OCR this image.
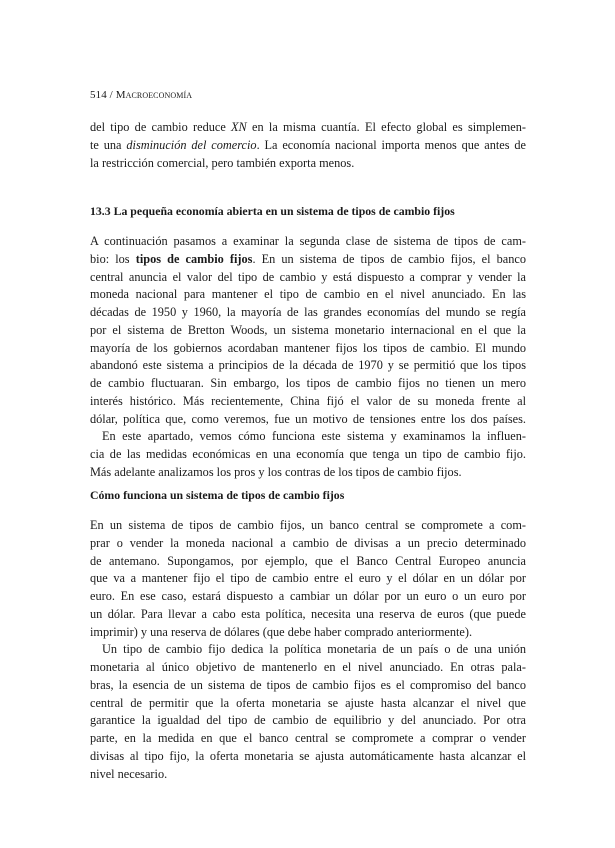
514 / Macroeconomía
del tipo de cambio reduce XN en la misma cuantía. El efecto global es simplemen-
te una disminución del comercio. La economía nacional importa menos que antes de
la restricción comercial, pero también exporta menos.
13.3 La pequeña economía abierta en un sistema de tipos de cambio fijos
A continuación pasamos a examinar la segunda clase de sistema de tipos de cam-
bio: los tipos de cambio fijos. En un sistema de tipos de cambio fijos, el banco
central anuncia el valor del tipo de cambio y está dispuesto a comprar y vender la
moneda nacional para mantener el tipo de cambio en el nivel anunciado. En las
décadas de 1950 y 1960, la mayoría de las grandes economías del mundo se regía
por el sistema de Bretton Woods, un sistema monetario internacional en el que la
mayoría de los gobiernos acordaban mantener fijos los tipos de cambio. El mundo
abandonó este sistema a principios de la década de 1970 y se permitió que los tipos
de cambio fluctuaran. Sin embargo, los tipos de cambio fijos no tienen un mero
interés histórico. Más recientemente, China fijó el valor de su moneda frente al
dólar, política que, como veremos, fue un motivo de tensiones entre los dos países.
En este apartado, vemos cómo funciona este sistema y examinamos la influen-
cia de las medidas económicas en una economía que tenga un tipo de cambio fijo.
Más adelante analizamos los pros y los contras de los tipos de cambio fijos.
Cómo funciona un sistema de tipos de cambio fijos
En un sistema de tipos de cambio fijos, un banco central se compromete a com-
prar o vender la moneda nacional a cambio de divisas a un precio determinado
de antemano. Supongamos, por ejemplo, que el Banco Central Europeo anuncia
que va a mantener fijo el tipo de cambio entre el euro y el dólar en un dólar por
euro. En ese caso, estará dispuesto a cambiar un dólar por un euro o un euro por
un dólar. Para llevar a cabo esta política, necesita una reserva de euros (que puede
imprimir) y una reserva de dólares (que debe haber comprado anteriormente).
Un tipo de cambio fijo dedica la política monetaria de un país o de una unión
monetaria al único objetivo de mantenerlo en el nivel anunciado. En otras pala-
bras, la esencia de un sistema de tipos de cambio fijos es el compromiso del banco
central de permitir que la oferta monetaria se ajuste hasta alcanzar el nivel que
garantice la igualdad del tipo de cambio de equilibrio y del anunciado. Por otra
parte, en la medida en que el banco central se compromete a comprar o vender
divisas al tipo fijo, la oferta monetaria se ajusta automáticamente hasta alcanzar el
nivel necesario.
